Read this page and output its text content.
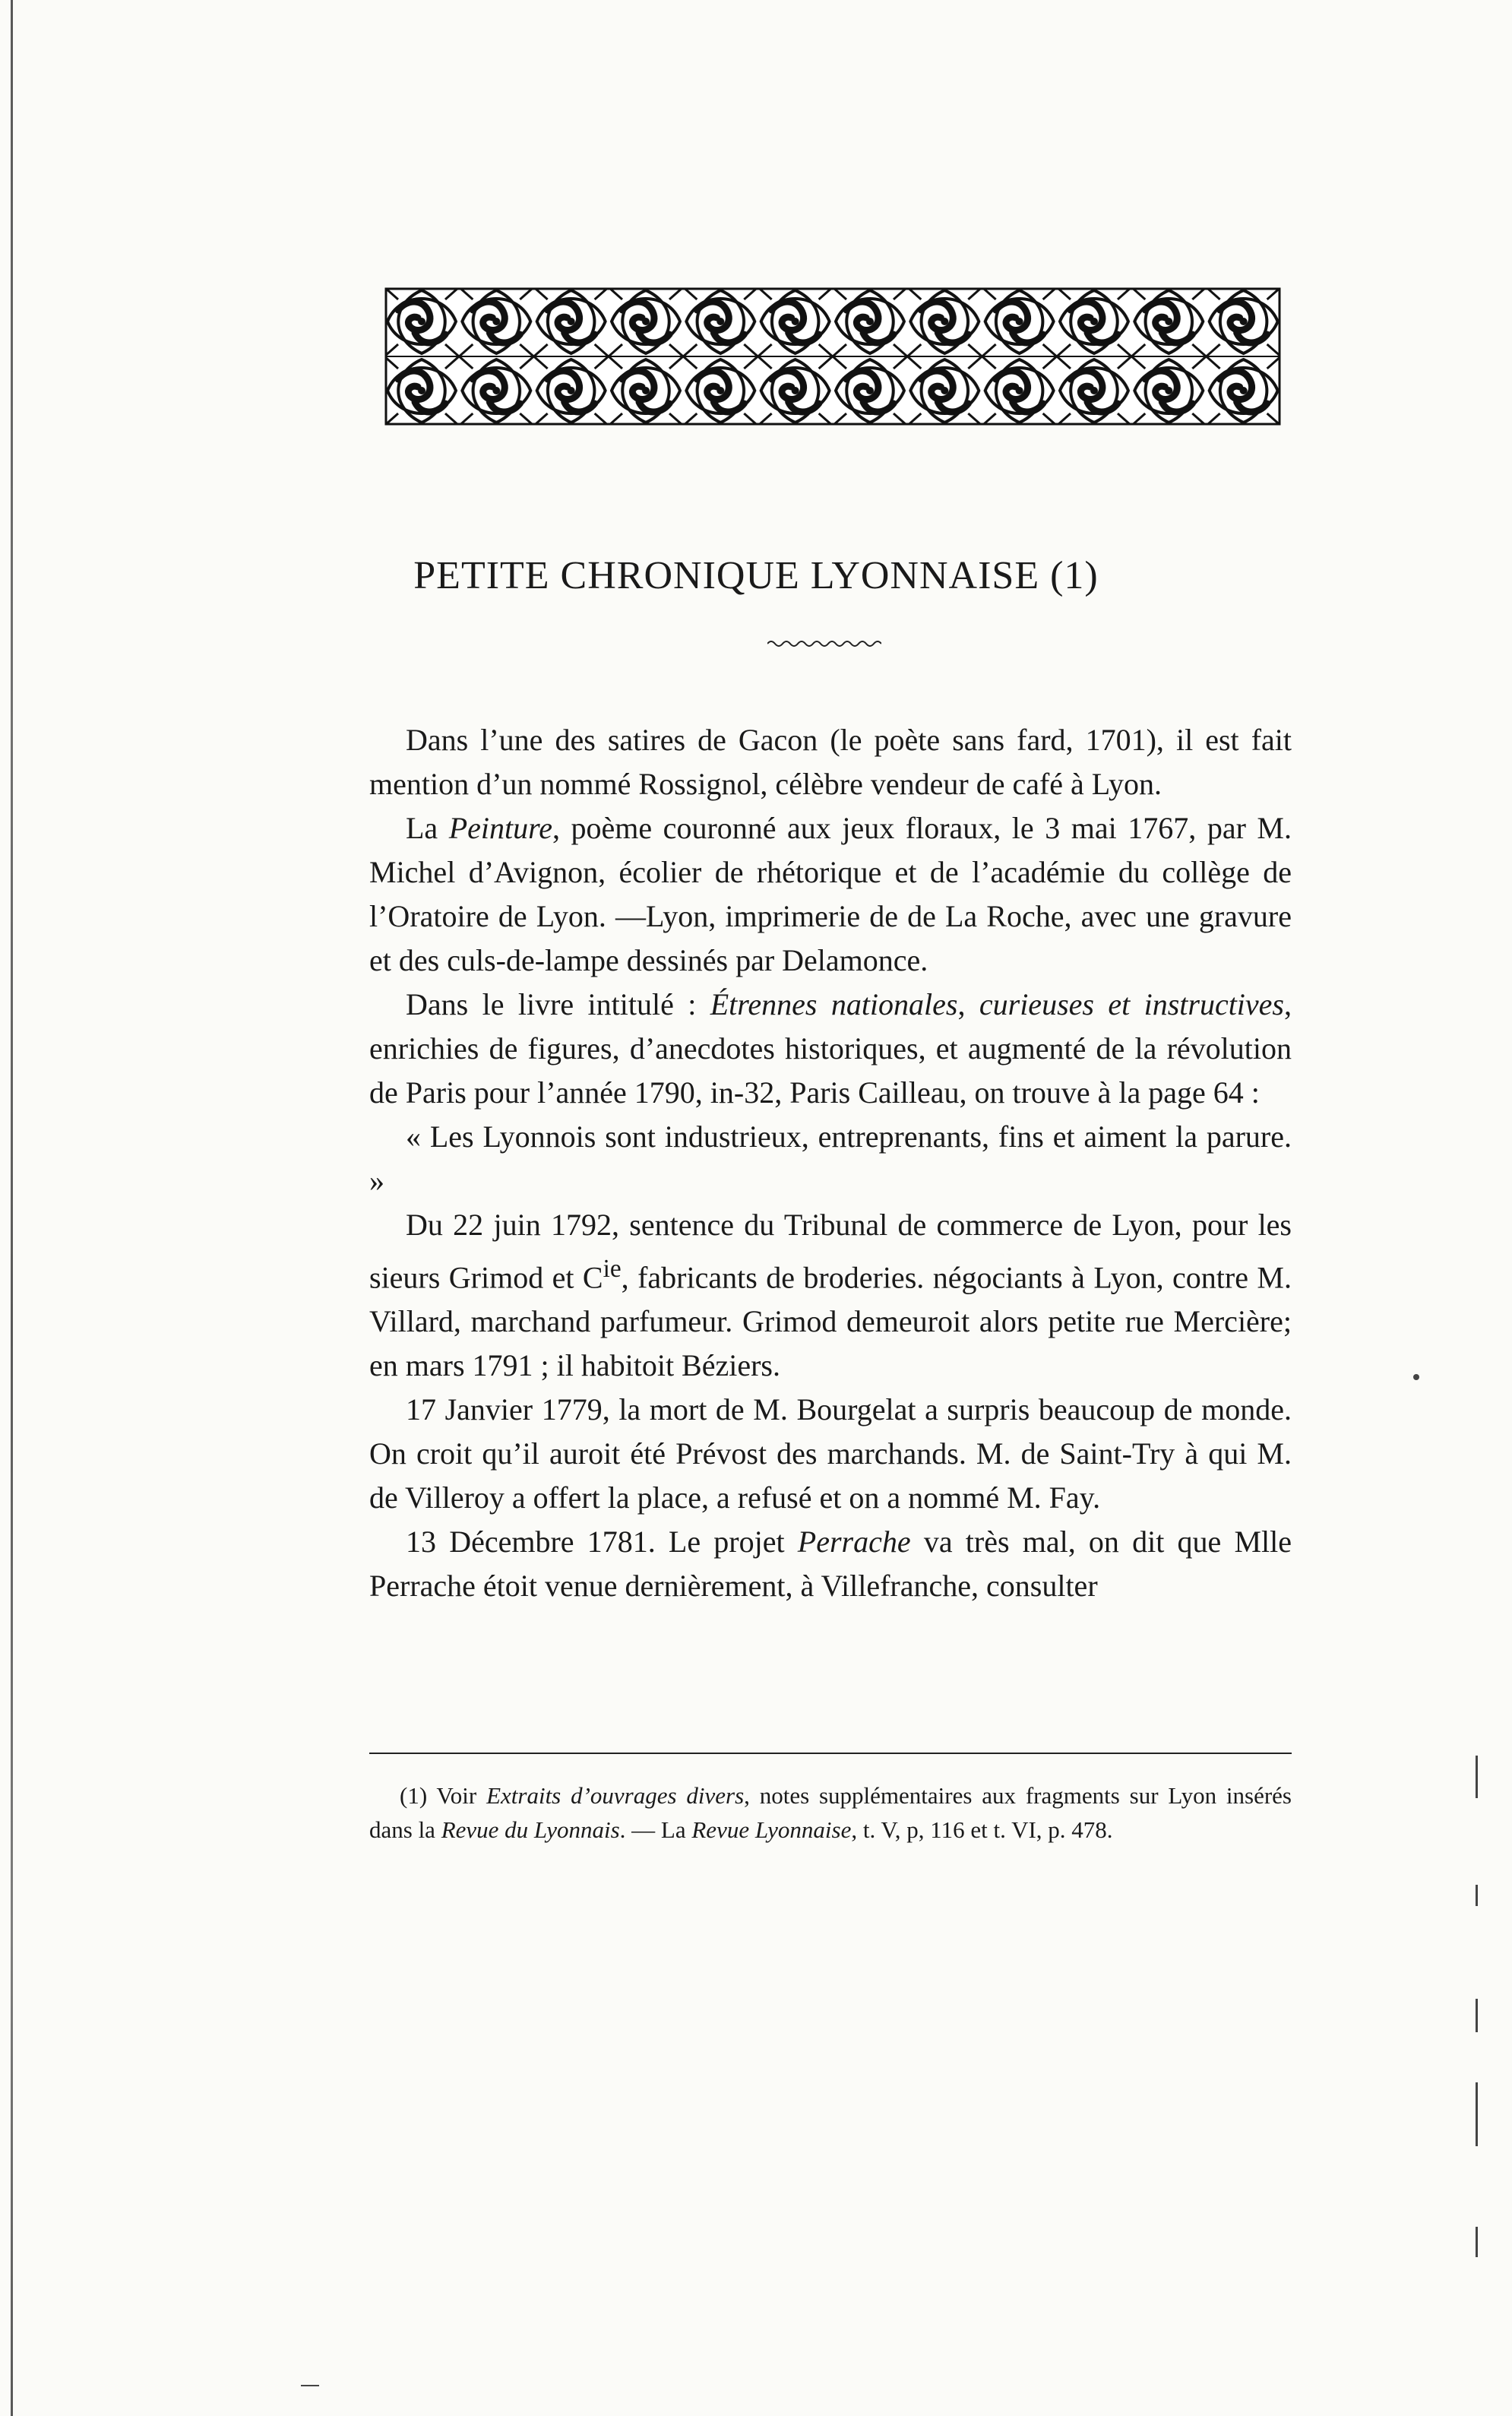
PETITE CHRONIQUE LYONNAISE (1)

Dans l’une des satires de Gacon (le poète sans fard, 1701), il est fait mention d’un nommé Rossignol, célèbre vendeur de café à Lyon.

La Peinture, poème couronné aux jeux floraux, le 3 mai 1767, par M. Michel d’Avignon, écolier de rhétorique et de l’académie du collège de l’Oratoire de Lyon. —Lyon, imprimerie de de La Roche, avec une gravure et des culs-de-lampe dessinés par Delamonce.

Dans le livre intitulé : Étrennes nationales, curieuses et instructives, enrichies de figures, d’anecdotes historiques, et augmenté de la révolution de Paris pour l’année 1790, in-32, Paris Cailleau, on trouve à la page 64 :

« Les Lyonnois sont industrieux, entreprenants, fins et aiment la parure. »

Du 22 juin 1792, sentence du Tribunal de commerce de Lyon, pour les sieurs Grimod et $C^{ie}$, fabricants de broderies. négociants à Lyon, contre M. Villard, marchand parfumeur. Grimod demeuroit alors petite rue Mercière; en mars 1791 ; il habitoit Béziers.

17 Janvier 1779, la mort de M. Bourgelat a surpris beaucoup de monde. On croit qu’il auroit été Prévost des marchands. M. de Saint-Try à qui M. de Villeroy a offert la place, a refusé et on a nommé M. Fay.

13 Décembre 1781. Le projet Perrache va très mal, on dit que Mlle Perrache étoit venue dernièrement, à Villefranche, consulter

(1) Voir Extraits d’ouvrages divers, notes supplémentaires aux fragments sur Lyon insérés dans la Revue du Lyonnais. — La Revue Lyonnaise, t. V, p, 116 et t. VI, p. 478.
